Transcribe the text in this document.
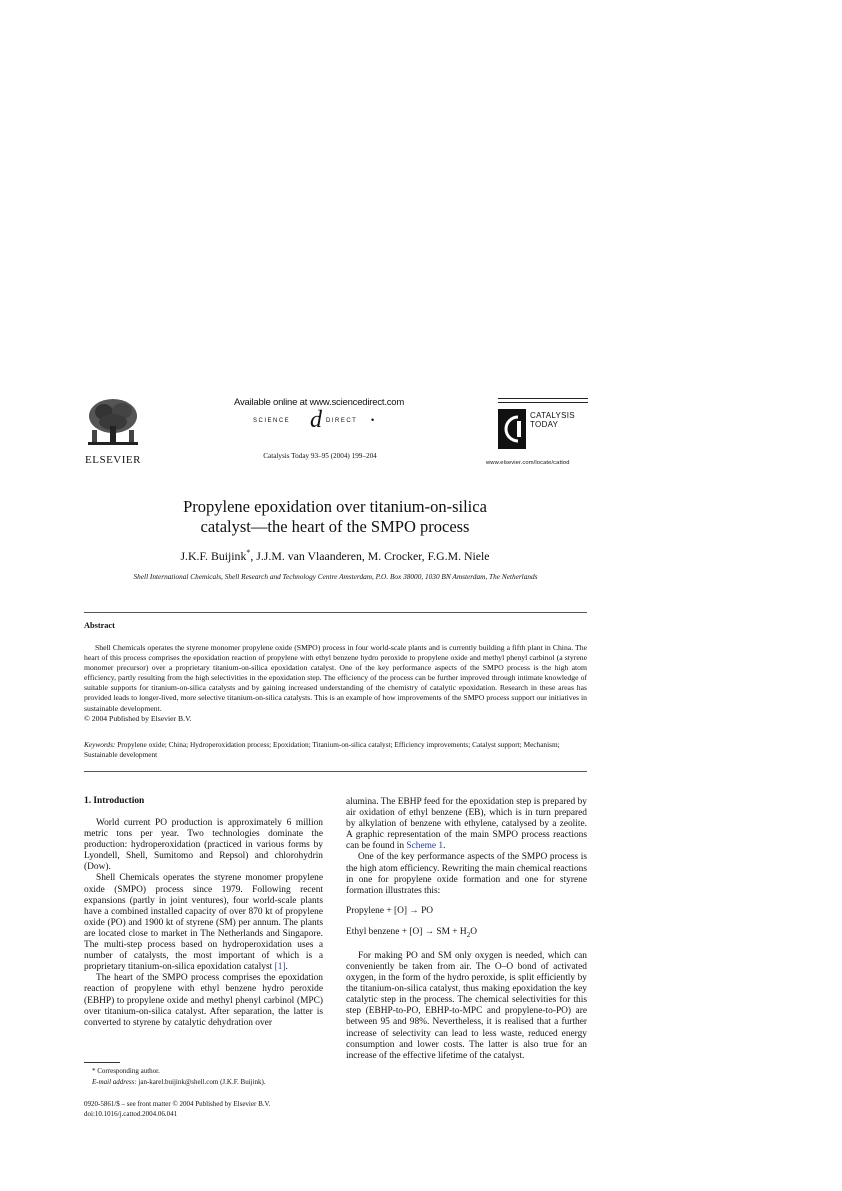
ELSEVIER
Available online at www.sciencedirect.com
SCIENCE d DIRECT •
Catalysis Today 93–95 (2004) 199–204
CATALYSIS
TODAY
www.elsevier.com/locate/cattod
Propylene epoxidation over titanium-on-silica
catalyst—the heart of the SMPO process
J.K.F. Buijink*, J.J.M. van Vlaanderen, M. Crocker, F.G.M. Niele
Shell International Chemicals, Shell Research and Technology Centre Amsterdam, P.O. Box 38000, 1030 BN Amsterdam, The Netherlands
Abstract

Shell Chemicals operates the styrene monomer propylene oxide (SMPO) process in four world-scale plants and is currently building a fifth plant in China. The heart of this process comprises the epoxidation reaction of propylene with ethyl benzene hydro peroxide to propylene oxide and methyl phenyl carbinol (a styrene monomer precursor) over a proprietary titanium-on-silica epoxidation catalyst. One of the key performance aspects of the SMPO process is the high atom efficiency, partly resulting from the high selectivities in the epoxidation step. The efficiency of the process can be further improved through intimate knowledge of suitable supports for titanium-on-silica catalysts and by gaining increased understanding of the chemistry of catalytic epoxidation. Research in these areas has provided leads to longer-lived, more selective titanium-on-silica catalysts. This is an example of how improvements of the SMPO process support our initiatives in sustainable development.

© 2004 Published by Elsevier B.V.

Keywords: Propylene oxide; China; Hydroperoxidation process; Epoxidation; Titanium-on-silica catalyst; Efficiency improvements; Catalyst support; Mechanism; Sustainable development
1. Introduction

World current PO production is approximately 6 million metric tons per year. Two technologies dominate the production: hydroperoxidation (practiced in various forms by Lyondell, Shell, Sumitomo and Repsol) and chlorohydrin (Dow).

Shell Chemicals operates the styrene monomer propylene oxide (SMPO) process since 1979. Following recent expansions (partly in joint ventures), four world-scale plants have a combined installed capacity of over 870 kt of propylene oxide (PO) and 1900 kt of styrene (SM) per annum. The plants are located close to market in The Netherlands and Singapore. The multi-step process based on hydroperoxidation uses a number of catalysts, the most important of which is a proprietary titanium-on-silica epoxidation catalyst [1].

The heart of the SMPO process comprises the epoxidation reaction of propylene with ethyl benzene hydro peroxide (EBHP) to propylene oxide and methyl phenyl carbinol (MPC) over titanium-on-silica catalyst. After separation, the latter is converted to styrene by catalytic dehydration over

* Corresponding author.
E-mail address: jan-karel.buijink@shell.com (J.K.F. Buijink).
0920-5861/$ – see front matter © 2004 Published by Elsevier B.V.
doi:10.1016/j.cattod.2004.06.041

alumina. The EBHP feed for the epoxidation step is prepared by air oxidation of ethyl benzene (EB), which is in turn prepared by alkylation of benzene with ethylene, catalysed by a zeolite. A graphic representation of the main SMPO process reactions can be found in Scheme 1.

One of the key performance aspects of the SMPO process is the high atom efficiency. Rewriting the main chemical reactions in one for propylene oxide formation and one for styrene formation illustrates this:

Propylene + [O] → PO

Ethyl benzene + [O] → SM + $H_2O$

For making PO and SM only oxygen is needed, which can conveniently be taken from air. The O–O bond of activated oxygen, in the form of the hydro peroxide, is split efficiently by the titanium-on-silica catalyst, thus making epoxidation the key catalytic step in the process. The chemical selectivities for this step (EBHP-to-PO, EBHP-to-MPC and propylene-to-PO) are between 95 and 98%. Nevertheless, it is realised that a further increase of selectivity can lead to less waste, reduced energy consumption and lower costs. The latter is also true for an increase of the effective lifetime of the catalyst.
